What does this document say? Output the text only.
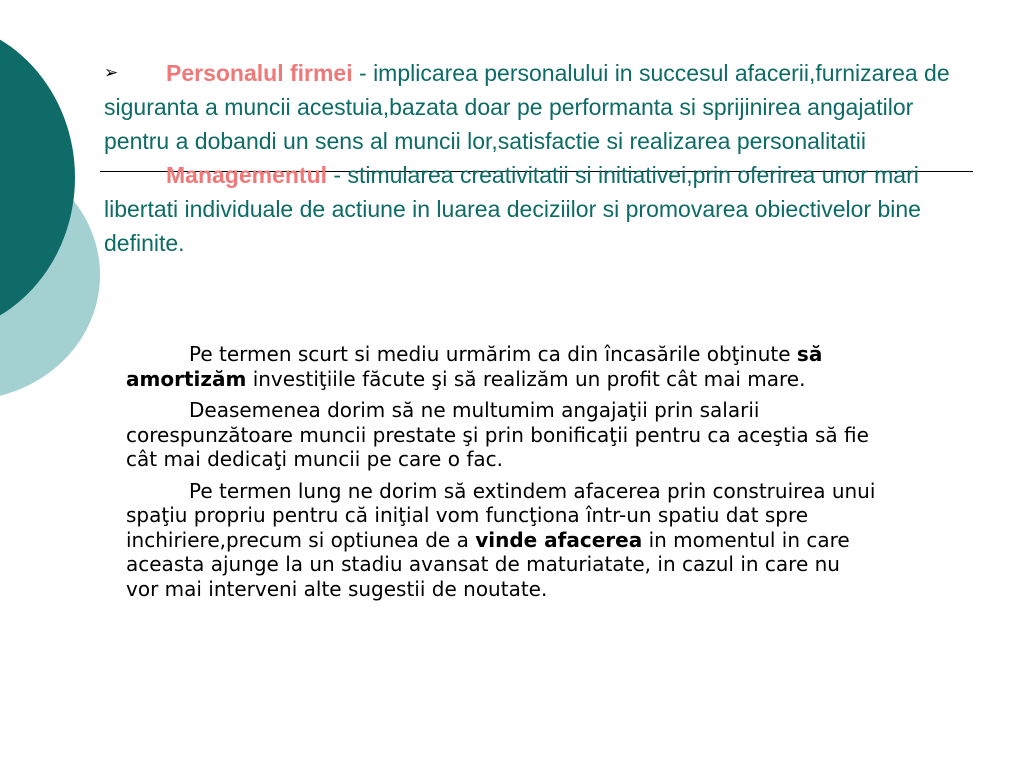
➢ Personalul firmei - implicarea personalului in succesul afacerii,furnizarea de siguranta a muncii acestuia,bazata doar pe performanta si sprijinirea angajatilor pentru a dobandi un sens al muncii lor,satisfactie si realizarea personalitatii

Managementul - stimularea creativitatii si initiativei,prin oferirea unor mari libertati individuale de actiune in luarea deciziilor si promovarea obiectivelor bine definite.

Pe termen scurt si mediu urmărim ca din încasările obţinute să amortizăm investiţiile făcute şi să realizăm un profit cât mai mare.

Deasemenea dorim să ne multumim angajaţii prin salarii corespunzătoare muncii prestate şi prin bonificaţii pentru ca aceştia să fie cât mai dedicaţi muncii pe care o fac.

Pe termen lung ne dorim să extindem afacerea prin construirea unui spaţiu propriu pentru că iniţial vom funcţiona într-un spatiu dat spre inchiriere,precum si optiunea de a vinde afacerea in momentul in care aceasta ajunge la un stadiu avansat de maturiatate, in cazul in care nu vor mai interveni alte sugestii de noutate.
